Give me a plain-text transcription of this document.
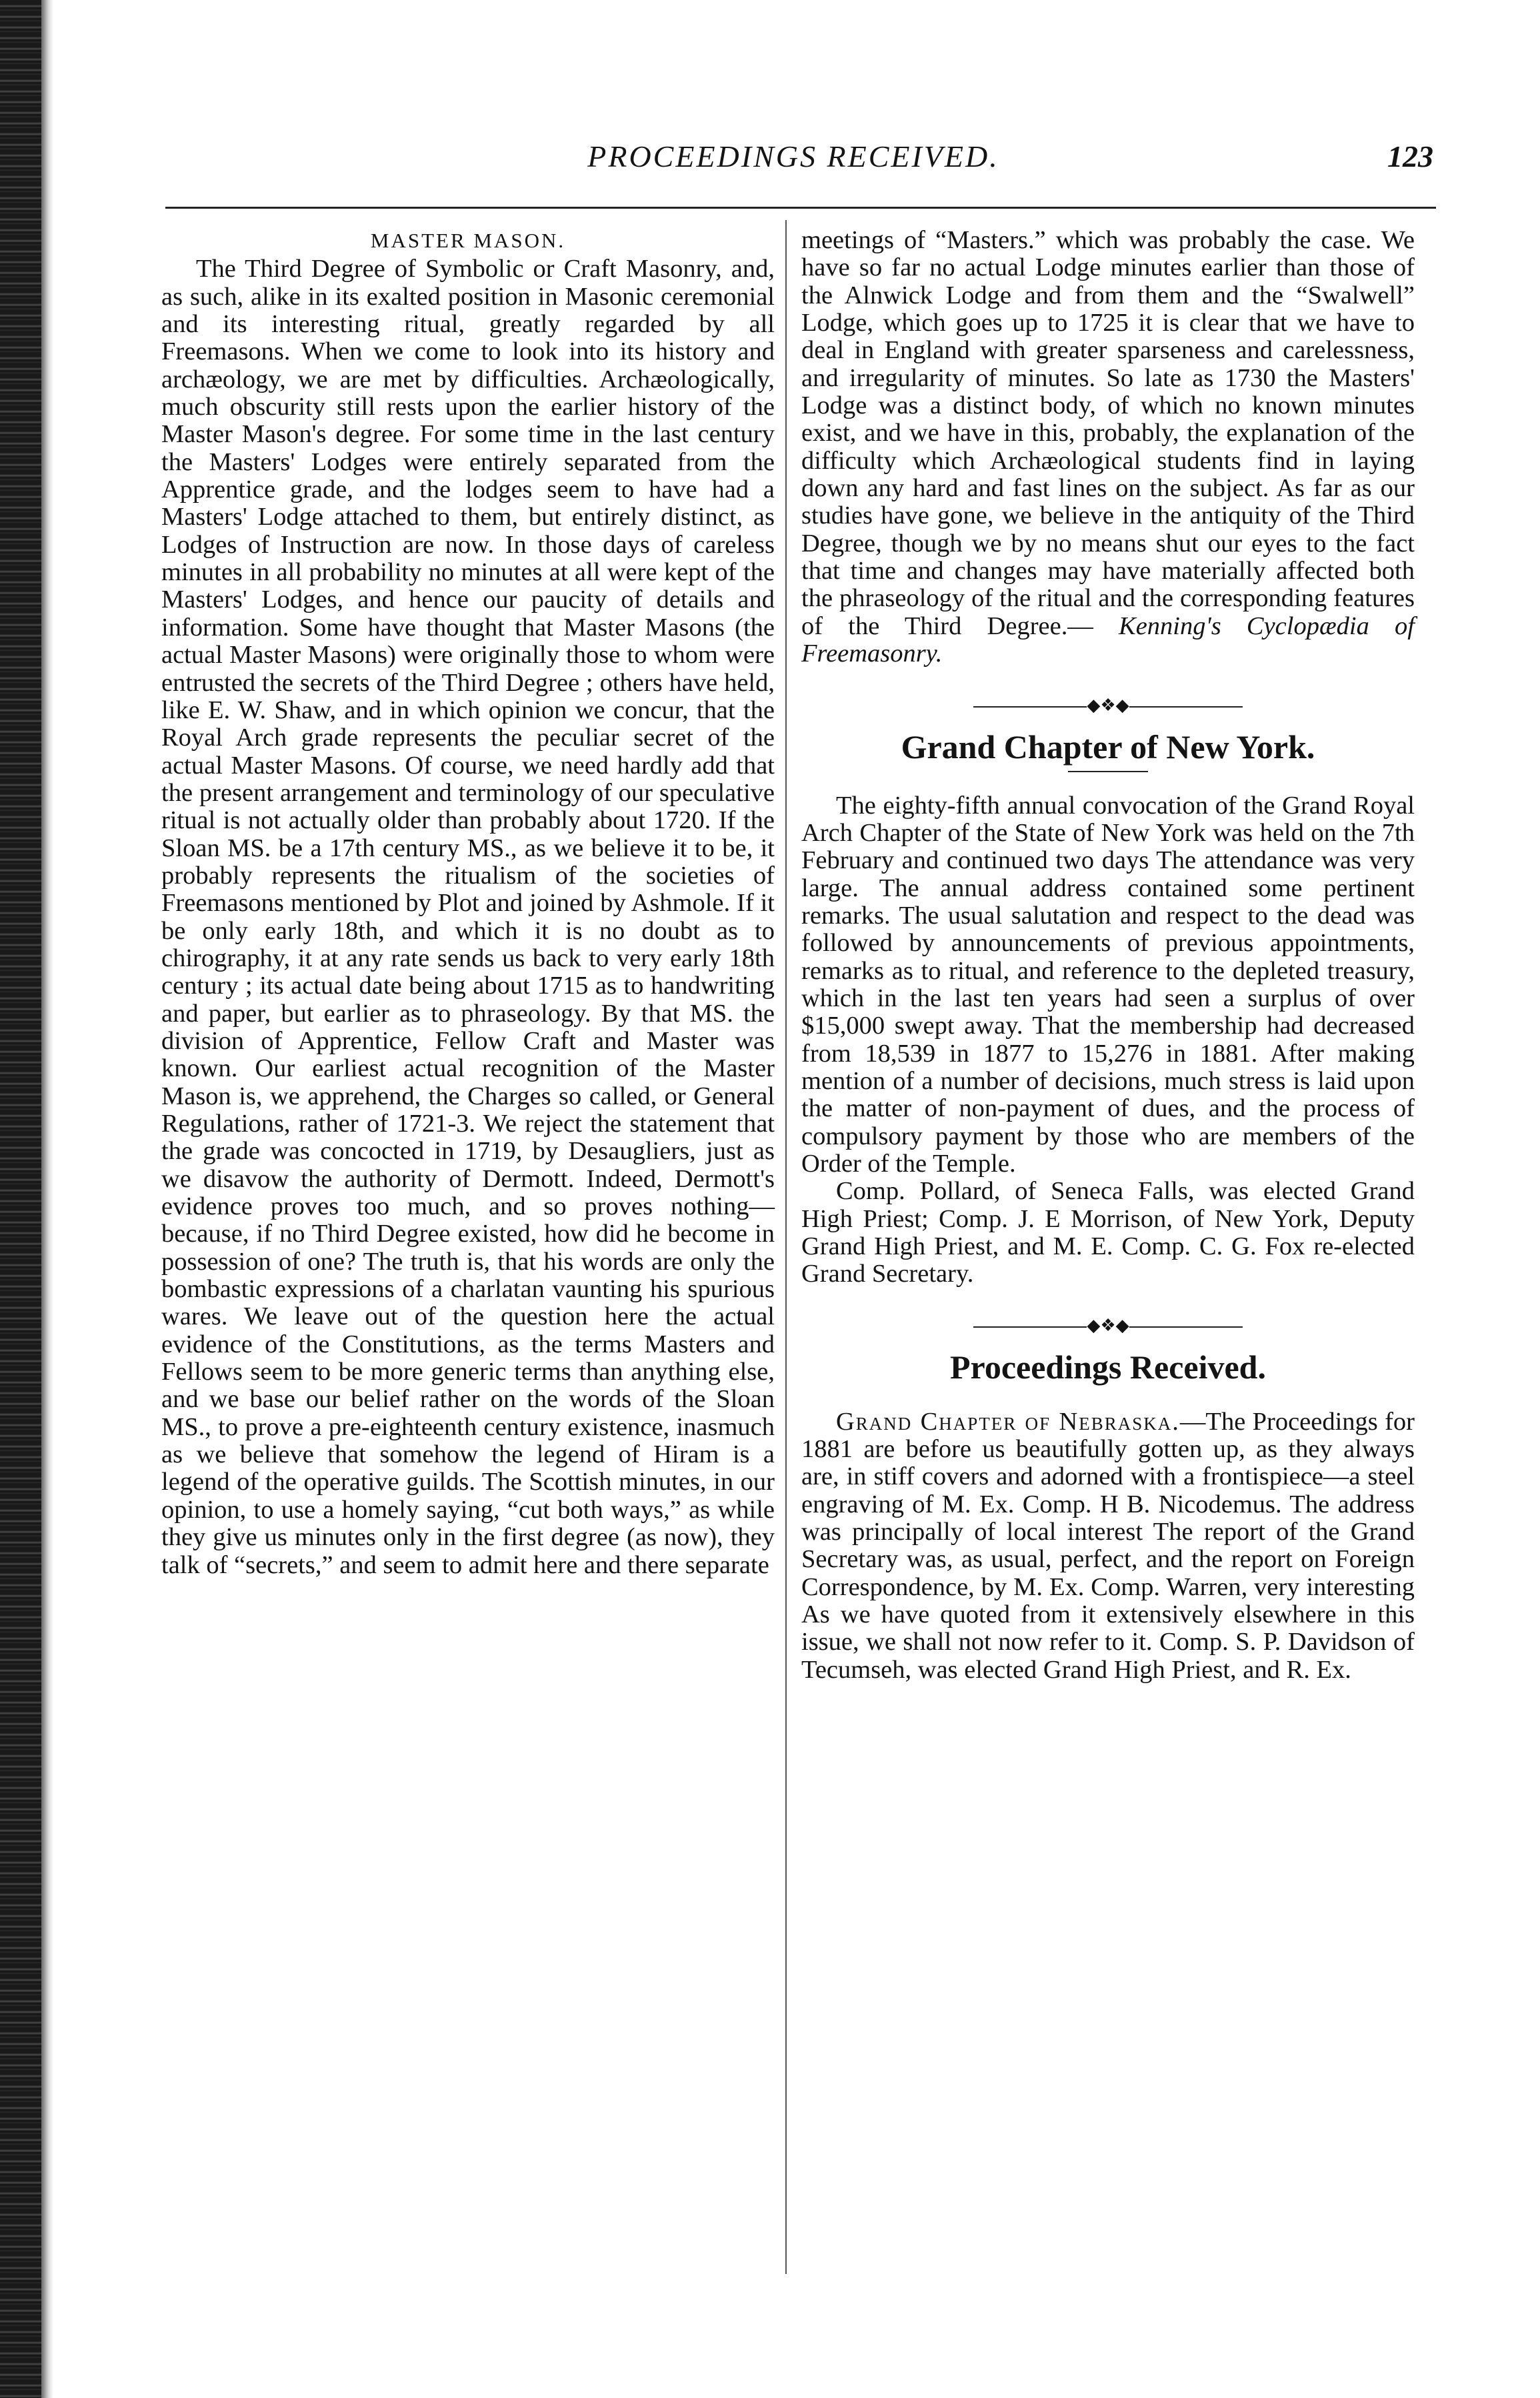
PROCEEDINGS RECEIVED.	123
MASTER MASON.

The Third Degree of Symbolic or Craft Masonry, and, as such, alike in its exalted position in Masonic ceremonial and its interesting ritual, greatly regarded by all Freemasons. When we come to look into its history and archæology, we are met by difficulties. Archæologically, much obscurity still rests upon the earlier history of the Master Mason's degree. For some time in the last century the Masters' Lodges were entirely separated from the Apprentice grade, and the lodges seem to have had a Masters' Lodge attached to them, but entirely distinct, as Lodges of Instruction are now. In those days of careless minutes in all probability no minutes at all were kept of the Masters' Lodges, and hence our paucity of details and information. Some have thought that Master Masons (the actual Master Masons) were originally those to whom were entrusted the secrets of the Third Degree ; others have held, like E. W. Shaw, and in which opinion we concur, that the Royal Arch grade represents the peculiar secret of the actual Master Masons. Of course, we need hardly add that the present arrangement and terminology of our speculative ritual is not actually older than probably about 1720. If the Sloan MS. be a 17th century MS., as we believe it to be, it probably represents the ritualism of the societies of Freemasons mentioned by Plot and joined by Ashmole. If it be only early 18th, and which it is no doubt as to chirography, it at any rate sends us back to very early 18th century ; its actual date being about 1715 as to handwriting and paper, but earlier as to phraseology. By that MS. the division of Apprentice, Fellow Craft and Master was known. Our earliest actual recognition of the Master Mason is, we apprehend, the Charges so called, or General Regulations, rather of 1721-3. We reject the statement that the grade was concocted in 1719, by Desaugliers, just as we disavow the authority of Dermott. Indeed, Dermott's evidence proves too much, and so proves nothing—because, if no Third Degree existed, how did he become in possession of one? The truth is, that his words are only the bombastic expressions of a charlatan vaunting his spurious wares. We leave out of the question here the actual evidence of the Constitutions, as the terms Masters and Fellows seem to be more generic terms than anything else, and we base our belief rather on the words of the Sloan MS., to prove a pre-eighteenth century existence, inasmuch as we believe that somehow the legend of Hiram is a legend of the operative guilds. The Scottish minutes, in our opinion, to use a homely saying, “cut both ways,” as while they give us minutes only in the first degree (as now), they talk of “secrets,” and seem to admit here and there separate

meetings of “Masters.” which was probably the case. We have so far no actual Lodge minutes earlier than those of the Alnwick Lodge and from them and the “Swalwell” Lodge, which goes up to 1725 it is clear that we have to deal in England with greater sparseness and carelessness, and irregularity of minutes. So late as 1730 the Masters' Lodge was a distinct body, of which no known minutes exist, and we have in this, probably, the explanation of the difficulty which Archæological students find in laying down any hard and fast lines on the subject. As far as our studies have gone, we believe in the antiquity of the Third Degree, though we by no means shut our eyes to the fact that time and changes may have materially affected both the phraseology of the ritual and the corresponding features of the Third Degree.— Kenning's Cyclopædia of Freemasonry.

◆❖◆
Grand Chapter of New York.

The eighty-fifth annual convocation of the Grand Royal Arch Chapter of the State of New York was held on the 7th February and continued two days The attendance was very large. The annual address contained some pertinent remarks. The usual salutation and respect to the dead was followed by announcements of previous appointments, remarks as to ritual, and reference to the depleted treasury, which in the last ten years had seen a surplus of over $15,000 swept away. That the membership had decreased from 18,539 in 1877 to 15,276 in 1881. After making mention of a number of decisions, much stress is laid upon the matter of non-payment of dues, and the process of compulsory payment by those who are members of the Order of the Temple.

Comp. Pollard, of Seneca Falls, was elected Grand High Priest; Comp. J. E Morrison, of New York, Deputy Grand High Priest, and M. E. Comp. C. G. Fox re-elected Grand Secretary.

◆❖◆
Proceedings Received.

Grand Chapter of Nebraska.—The Proceedings for 1881 are before us beautifully gotten up, as they always are, in stiff covers and adorned with a frontispiece—a steel engraving of M. Ex. Comp. H B. Nicodemus. The address was principally of local interest The report of the Grand Secretary was, as usual, perfect, and the report on Foreign Correspondence, by M. Ex. Comp. Warren, very interesting As we have quoted from it extensively elsewhere in this issue, we shall not now refer to it. Comp. S. P. Davidson of Tecumseh, was elected Grand High Priest, and R. Ex.
